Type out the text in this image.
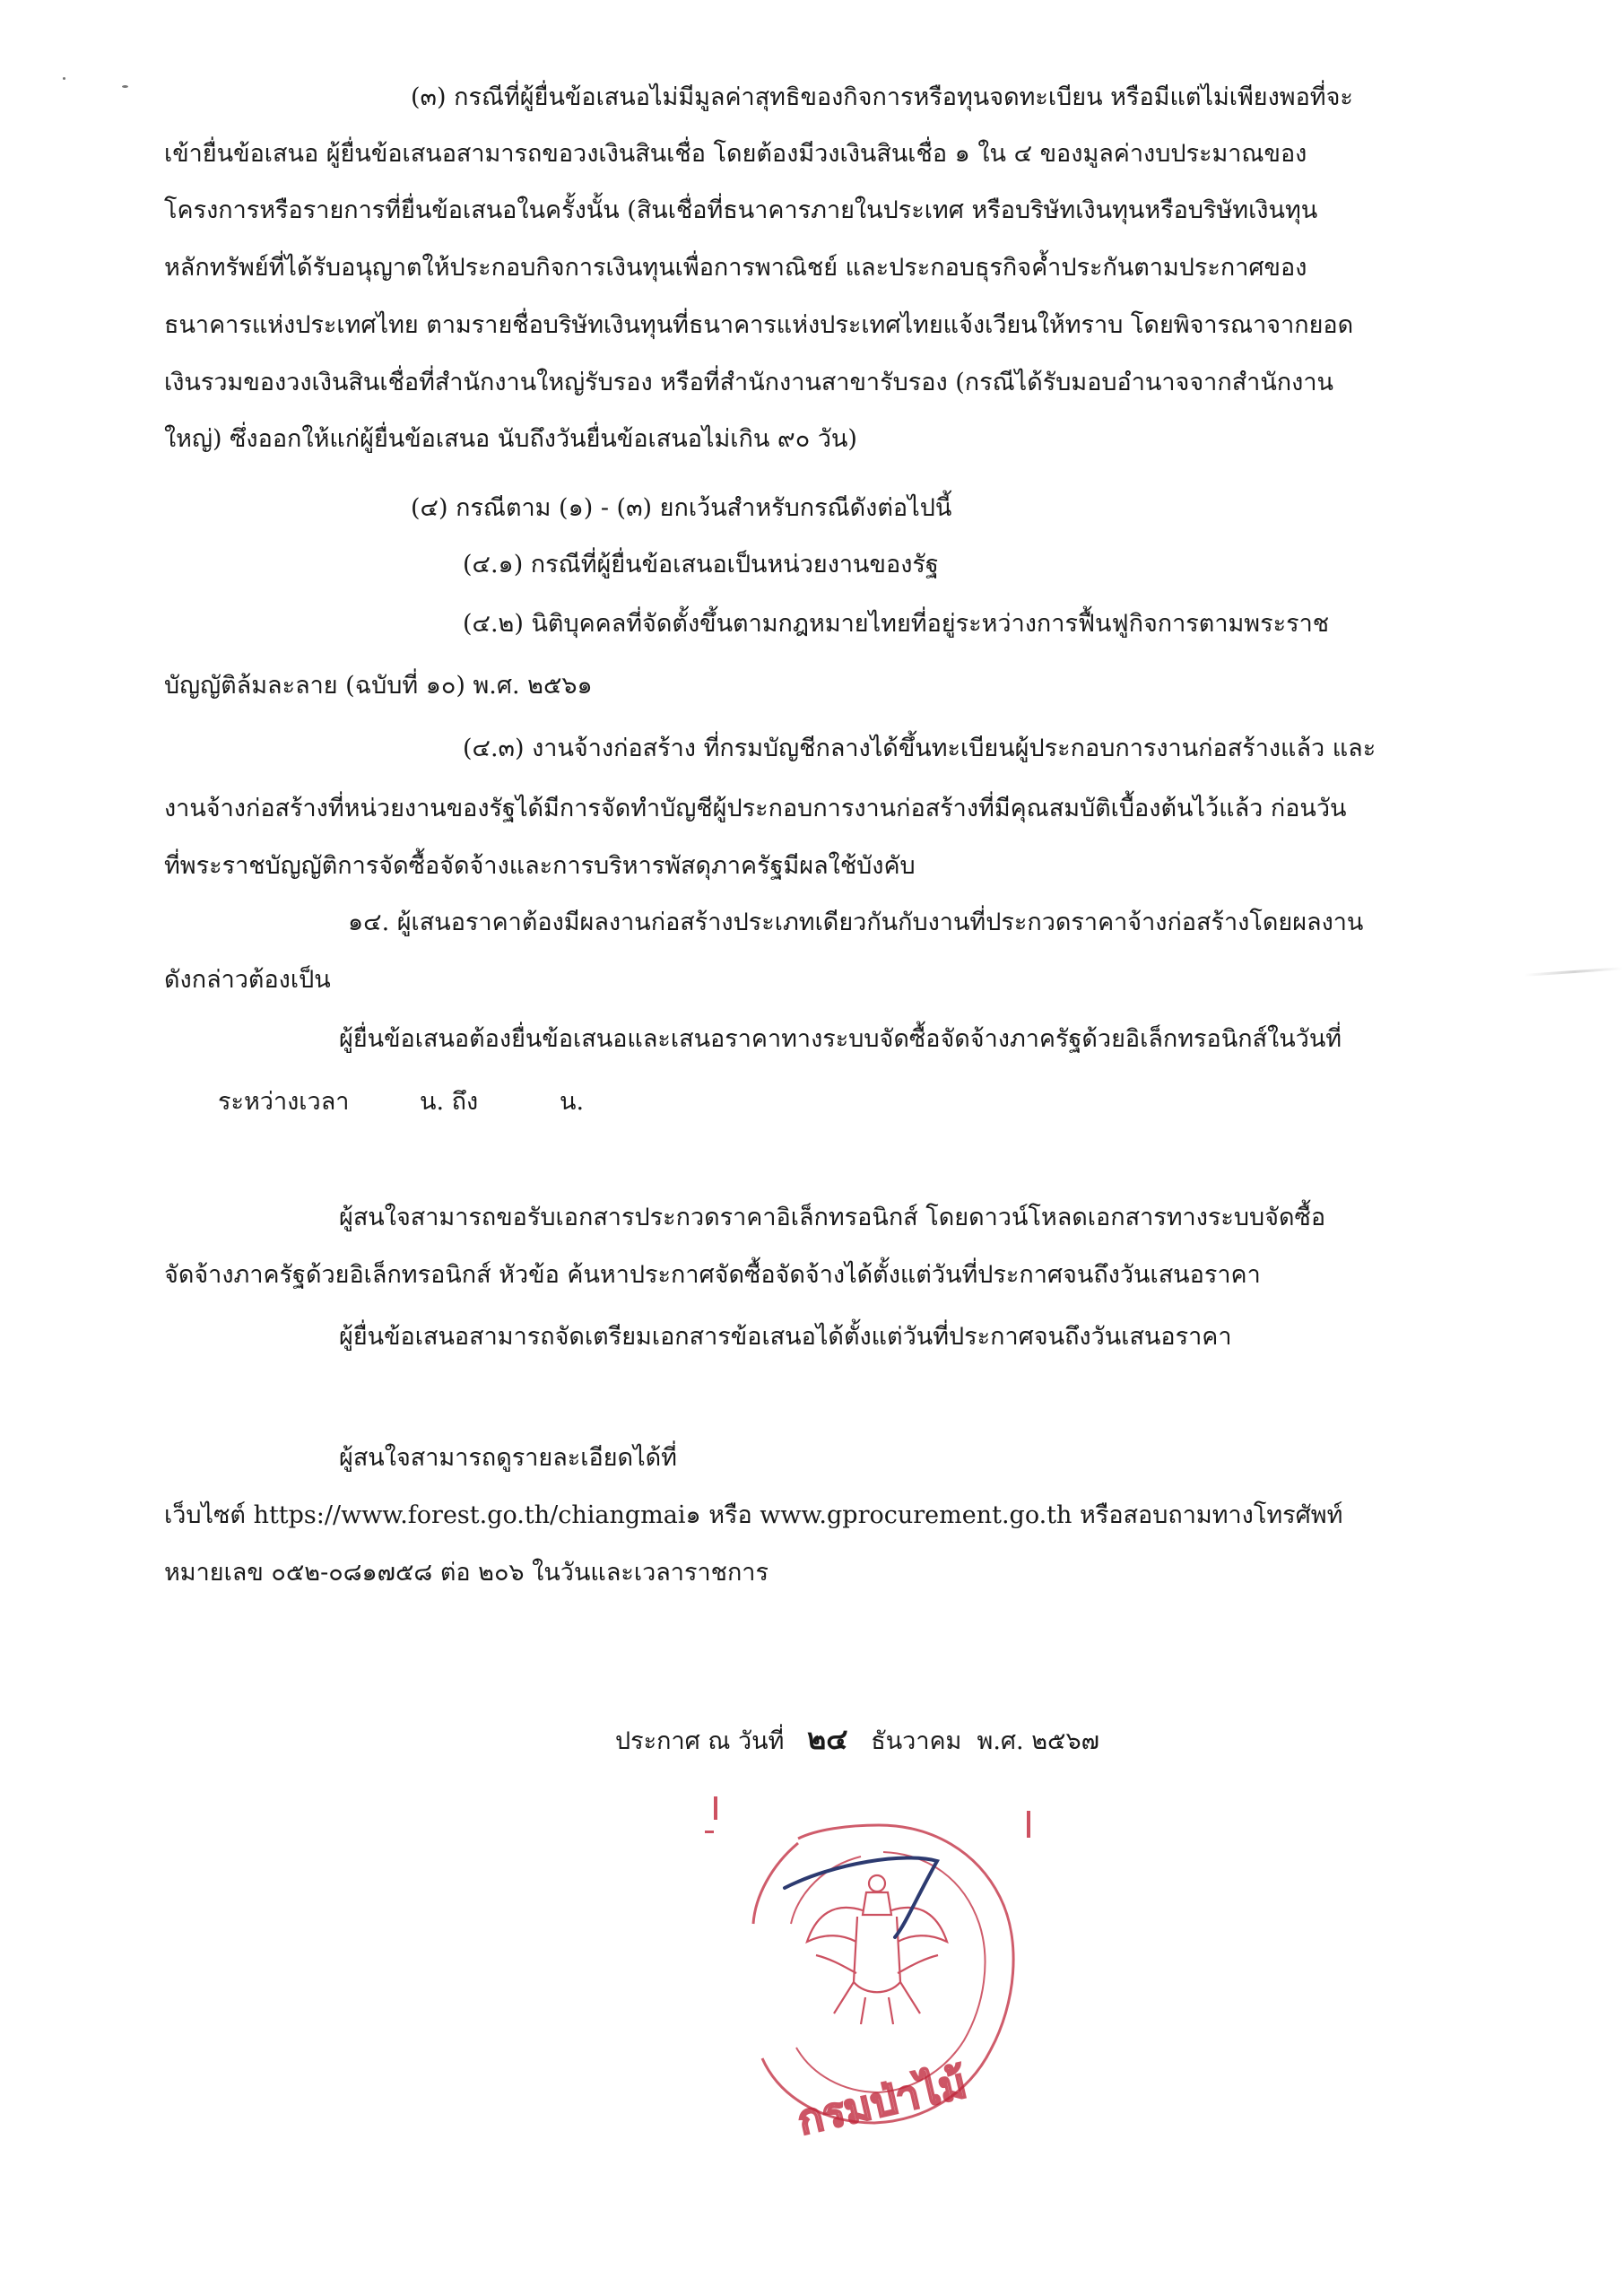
(๓) กรณีที่ผู้ยื่นข้อเสนอไม่มีมูลค่าสุทธิของกิจการหรือทุนจดทะเบียน หรือมีแต่ไม่เพียงพอที่จะ
เข้ายื่นข้อเสนอ ผู้ยื่นข้อเสนอสามารถขอวงเงินสินเชื่อ โดยต้องมีวงเงินสินเชื่อ ๑ ใน ๔ ของมูลค่างบประมาณของ
โครงการหรือรายการที่ยื่นข้อเสนอในครั้งนั้น (สินเชื่อที่ธนาคารภายในประเทศ หรือบริษัทเงินทุนหรือบริษัทเงินทุน
หลักทรัพย์ที่ได้รับอนุญาตให้ประกอบกิจการเงินทุนเพื่อการพาณิชย์ และประกอบธุรกิจค้ำประกันตามประกาศของ
ธนาคารแห่งประเทศไทย ตามรายชื่อบริษัทเงินทุนที่ธนาคารแห่งประเทศไทยแจ้งเวียนให้ทราบ โดยพิจารณาจากยอด
เงินรวมของวงเงินสินเชื่อที่สำนักงานใหญ่รับรอง หรือที่สำนักงานสาขารับรอง (กรณีได้รับมอบอำนาจจากสำนักงาน
ใหญ่) ซึ่งออกให้แก่ผู้ยื่นข้อเสนอ นับถึงวันยื่นข้อเสนอไม่เกิน ๙๐ วัน)
(๔) กรณีตาม (๑) - (๓) ยกเว้นสำหรับกรณีดังต่อไปนี้
(๔.๑) กรณีที่ผู้ยื่นข้อเสนอเป็นหน่วยงานของรัฐ
(๔.๒) นิติบุคคลที่จัดตั้งขึ้นตามกฎหมายไทยที่อยู่ระหว่างการฟื้นฟูกิจการตามพระราช
บัญญัติล้มละลาย (ฉบับที่ ๑๐) พ.ศ. ๒๕๖๑
(๔.๓) งานจ้างก่อสร้าง ที่กรมบัญชีกลางได้ขึ้นทะเบียนผู้ประกอบการงานก่อสร้างแล้ว และ
งานจ้างก่อสร้างที่หน่วยงานของรัฐได้มีการจัดทำบัญชีผู้ประกอบการงานก่อสร้างที่มีคุณสมบัติเบื้องต้นไว้แล้ว ก่อนวัน
ที่พระราชบัญญัติการจัดซื้อจัดจ้างและการบริหารพัสดุภาครัฐมีผลใช้บังคับ
๑๔. ผู้เสนอราคาต้องมีผลงานก่อสร้างประเภทเดียวกันกับงานที่ประกวดราคาจ้างก่อสร้างโดยผลงาน
ดังกล่าวต้องเป็น
ผู้ยื่นข้อเสนอต้องยื่นข้อเสนอและเสนอราคาทางระบบจัดซื้อจัดจ้างภาครัฐด้วยอิเล็กทรอนิกส์ในวันที่
ระหว่างเวลา	น. ถึง	น.
ผู้สนใจสามารถขอรับเอกสารประกวดราคาอิเล็กทรอนิกส์ โดยดาวน์โหลดเอกสารทางระบบจัดซื้อ
จัดจ้างภาครัฐด้วยอิเล็กทรอนิกส์ หัวข้อ ค้นหาประกาศจัดซื้อจัดจ้างได้ตั้งแต่วันที่ประกาศจนถึงวันเสนอราคา
ผู้ยื่นข้อเสนอสามารถจัดเตรียมเอกสารข้อเสนอได้ตั้งแต่วันที่ประกาศจนถึงวันเสนอราคา
ผู้สนใจสามารถดูรายละเอียดได้ที่
เว็บไซต์ https://www.forest.go.th/chiangmai๑ หรือ www.gprocurement.go.th หรือสอบถามทางโทรศัพท์
หมายเลข ๐๕๒-๐๘๑๗๕๘ ต่อ ๒๐๖ ในวันและเวลาราชการ
ประกาศ ณ วันที่ ๒๔ ธันวาคม พ.ศ. ๒๕๖๗
กรมป่าไม้
